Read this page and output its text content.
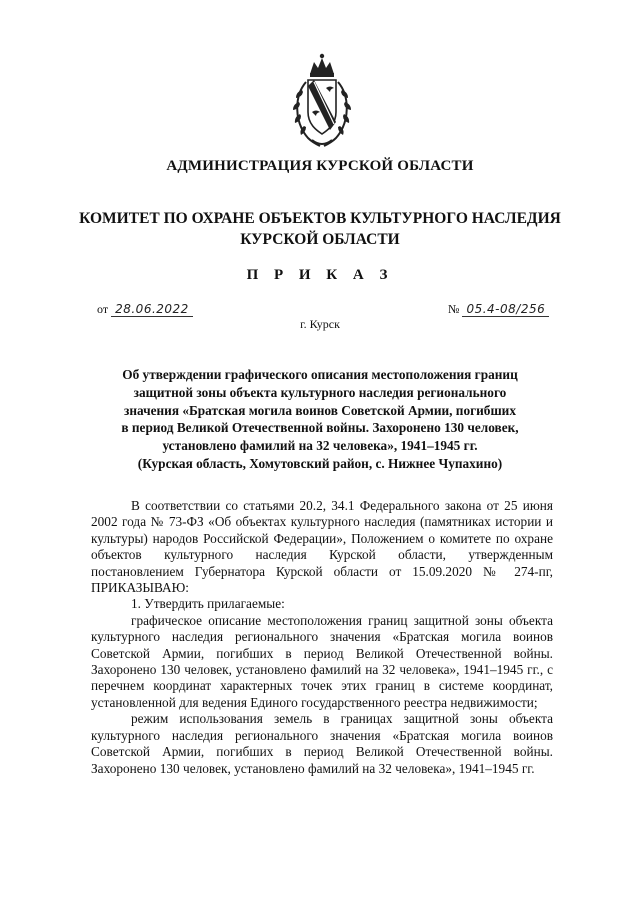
АДМИНИСТРАЦИЯ КУРСКОЙ ОБЛАСТИ
КОМИТЕТ ПО ОХРАНЕ ОБЪЕКТОВ КУЛЬТУРНОГО НАСЛЕДИЯ
КУРСКОЙ ОБЛАСТИ
П Р И К А З
от 28.06.2022	№ 05.4-08/256
г. Курск
Об утверждении графического описания местоположения границ
защитной зоны объекта культурного наследия регионального
значения «Братская могила воинов Советской Армии, погибших
в период Великой Отечественной войны. Захоронено 130 человек,
установлено фамилий на 32 человека», 1941–1945 гг.
(Курская область, Хомутовский район, с. Нижнее Чупахино)

В соответствии со статьями 20.2, 34.1 Федерального закона от 25 июня 2002 года № 73-ФЗ «Об объектах культурного наследия (памятниках истории и культуры) народов Российской Федерации», Положением о комитете по охране объектов культурного наследия Курской области, утвержденным постановлением Губернатора Курской области от 15.09.2020 № 274-пг, ПРИКАЗЫВАЮ:

1. Утвердить прилагаемые:

графическое описание местоположения границ защитной зоны объекта культурного наследия регионального значения «Братская могила воинов Советской Армии, погибших в период Великой Отечественной войны. Захоронено 130 человек, установлено фамилий на 32 человека», 1941–1945 гг., с перечнем координат характерных точек этих границ в системе координат, установленной для ведения Единого государственного реестра недвижимости;

режим использования земель в границах защитной зоны объекта культурного наследия регионального значения «Братская могила воинов Советской Армии, погибших в период Великой Отечественной войны. Захоронено 130 человек, установлено фамилий на 32 человека», 1941–1945 гг.
